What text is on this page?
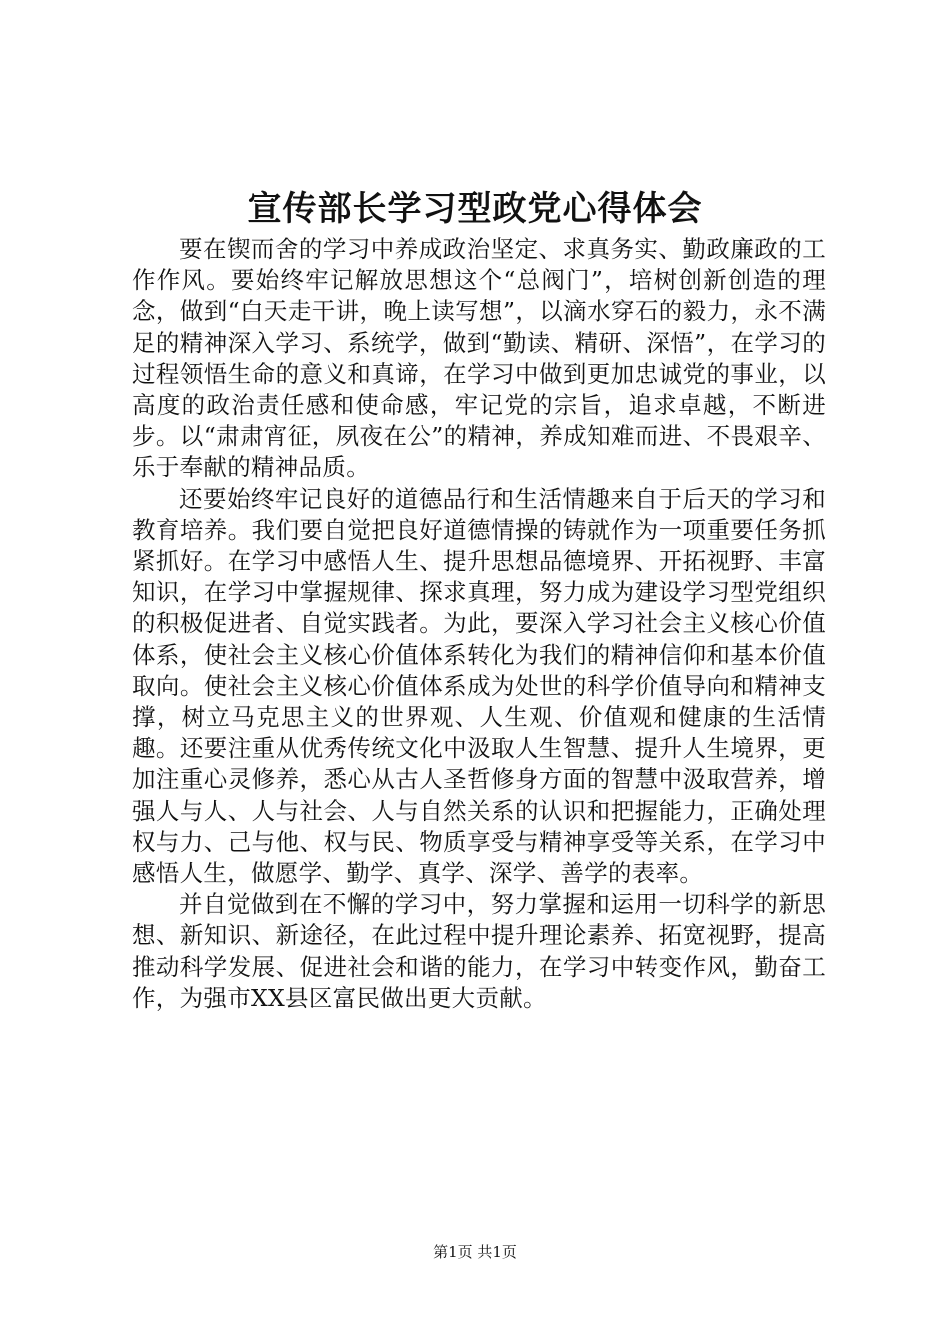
宣传部长学习型政党心得体会

要在锲而舍的学习中养成政治坚定、求真务实、勤政廉政的工作作风。要始终牢记解放思想这个“总阀门”，培树创新创造的理念，做到“白天走干讲，晚上读写想”，以滴水穿石的毅力，永不满足的精神深入学习、系统学，做到“勤读、精研、深悟”，在学习的过程领悟生命的意义和真谛，在学习中做到更加忠诚党的事业，以高度的政治责任感和使命感，牢记党的宗旨，追求卓越，不断进步。以“肃肃宵征，夙夜在公”的精神，养成知难而进、不畏艰辛、乐于奉献的精神品质。

还要始终牢记良好的道德品行和生活情趣来自于后天的学习和教育培养。我们要自觉把良好道德情操的铸就作为一项重要任务抓紧抓好。在学习中感悟人生、提升思想品德境界、开拓视野、丰富知识，在学习中掌握规律、探求真理，努力成为建设学习型党组织的积极促进者、自觉实践者。为此，要深入学习社会主义核心价值体系，使社会主义核心价值体系转化为我们的精神信仰和基本价值取向。使社会主义核心价值体系成为处世的科学价值导向和精神支撑，树立马克思主义的世界观、人生观、价值观和健康的生活情趣。还要注重从优秀传统文化中汲取人生智慧、提升人生境界，更加注重心灵修养，悉心从古人圣哲修身方面的智慧中汲取营养，增强人与人、人与社会、人与自然关系的认识和把握能力，正确处理权与力、己与他、权与民、物质享受与精神享受等关系，在学习中感悟人生，做愿学、勤学、真学、深学、善学的表率。

并自觉做到在不懈的学习中，努力掌握和运用一切科学的新思想、新知识、新途径，在此过程中提升理论素养、拓宽视野，提高推动科学发展、促进社会和谐的能力，在学习中转变作风，勤奋工作，为强市XX县区富民做出更大贡献。

第1页 共1页
